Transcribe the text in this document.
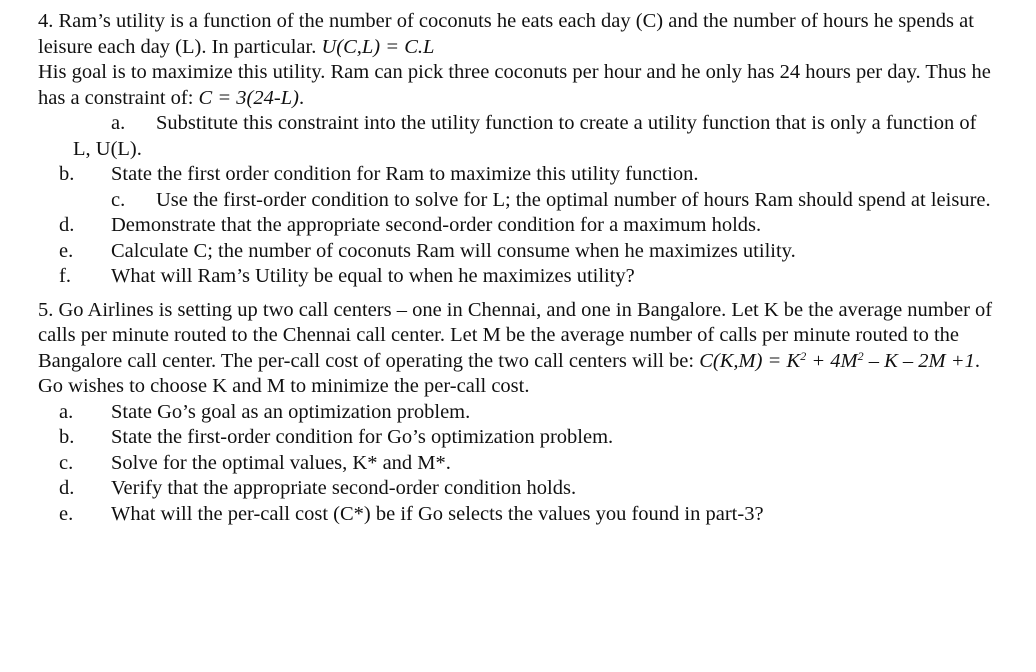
4. Ram’s utility is a function of the number of coconuts he eats each day (C) and the number of hours he spends at leisure each day (L). In particular. U(C,L) = C.L

His goal is to maximize this utility. Ram can pick three coconuts per hour and he only has 24 hours per day. Thus he has a constraint of: C = 3(24-L).

a. Substitute this constraint into the utility function to create a utility function that is only a function of L, U(L).

b. State the first order condition for Ram to maximize this utility function.

c. Use the first-order condition to solve for L; the optimal number of hours Ram should spend at leisure.

d. Demonstrate that the appropriate second-order condition for a maximum holds.

e. Calculate C; the number of coconuts Ram will consume when he maximizes utility.

f. What will Ram’s Utility be equal to when he maximizes utility?

5. Go Airlines is setting up two call centers – one in Chennai, and one in Bangalore. Let K be the average number of calls per minute routed to the Chennai call center. Let M be the average number of calls per minute routed to the Bangalore call center. The per-call cost of operating the two call centers will be: $C(K,M) = K^2 + 4M^2 - K - 2M +1$.

Go wishes to choose K and M to minimize the per-call cost.

a. State Go’s goal as an optimization problem.

b. State the first-order condition for Go’s optimization problem.

c. Solve for the optimal values, K* and M*.

d. Verify that the appropriate second-order condition holds.

e. What will the per-call cost (C*) be if Go selects the values you found in part-3?
